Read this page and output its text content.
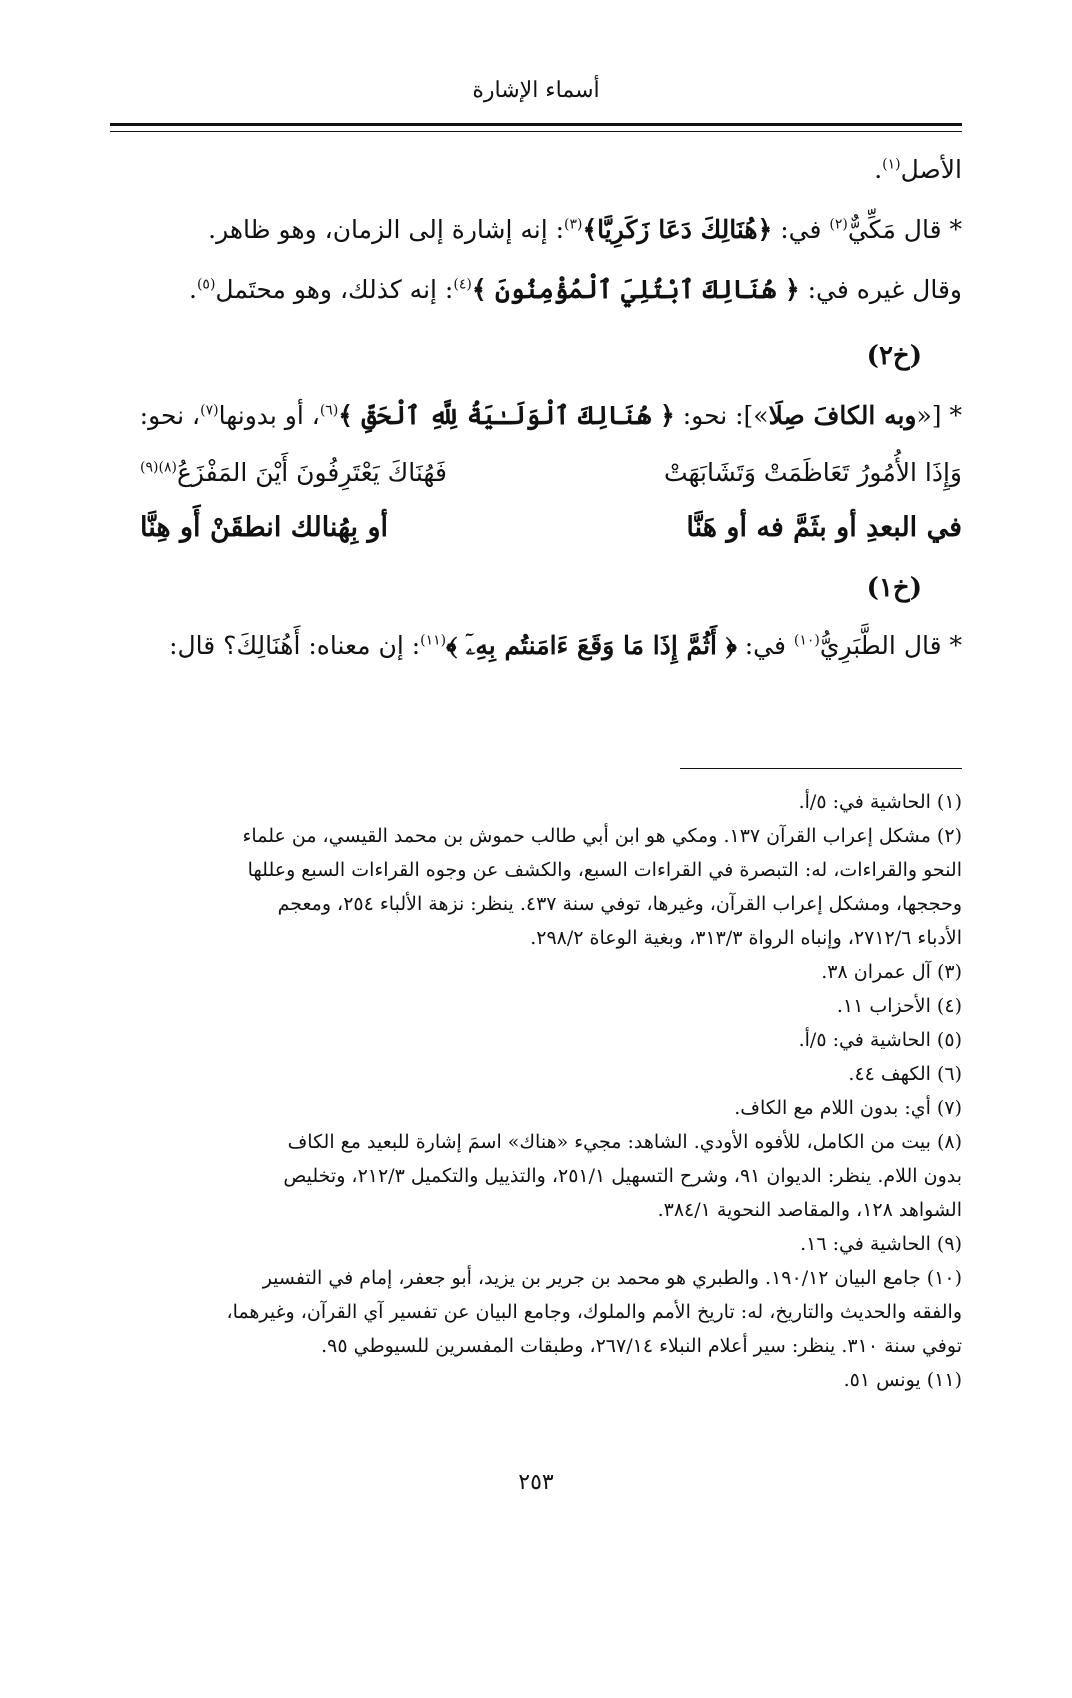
أسماء الإشارة
الأصل$^{(١)}$.
* قال مَكِّيٌّ$^{(٢)}$ في: ﴿هُنَالِكَ دَعَا زَكَرِيَّا﴾$^{(٣)}$: إنه إشارة إلى الزمان، وهو ظاهر.
وقال غيره في: ﴿ هُنَالِكَ ٱبْتُلِيَ ٱلْمُؤْمِنُونَ ﴾$^{(٤)}$: إنه كذلك، وهو محتَمل$^{(٥)}$.
(خ٢)
* [«وبه الكافَ صِلَا»]: نحو: ﴿ هُنَالِكَ ٱلْوَلَـٰيَةُ لِلَّهِ ٱلْحَقِّ ﴾$^{(٦)}$، أو بدونها$^{(٧)}$، نحو:
وَإِذَا الأُمُورُ تَعَاظَمَتْ وَتَشَابَهَتْ
فَهُنَاكَ يَعْتَرِفُونَ أَيْنَ المَفْزَعُ$^{(٨)(٩)}$
في البعدِ أو بثَمَّ فه أو هَنَّا
أو بِهُنالك انطقَنْ أَو هِنَّا
(خ١)
* قال الطَّبَرِيُّ$^{(١٠)}$ في: ﴿ أَثُمَّ إِذَا مَا وَقَعَ ءَامَنتُم بِهِۦٓ ﴾$^{(١١)}$: إن معناه: أَهُنَالِكَ؟ قال:
(١) الحاشية في: ٥/أ.
(٢) مشكل إعراب القرآن ١٣٧. ومكي هو ابن أبي طالب حموش بن محمد القيسي، من علماء
النحو والقراءات، له: التبصرة في القراءات السبع، والكشف عن وجوه القراءات السبع وعللها
وحججها، ومشكل إعراب القرآن، وغيرها، توفي سنة ٤٣٧. ينظر: نزهة الألباء ٢٥٤، ومعجم
الأدباء ٢٧١٢/٦، وإنباه الرواة ٣١٣/٣، وبغية الوعاة ٢٩٨/٢.
(٣) آل عمران ٣٨.
(٤) الأحزاب ١١.
(٥) الحاشية في: ٥/أ.
(٦) الكهف ٤٤.
(٧) أي: بدون اللام مع الكاف.
(٨) بيت من الكامل، للأفوه الأودي. الشاهد: مجيء «هناك» اسمَ إشارة للبعيد مع الكاف
بدون اللام. ينظر: الديوان ٩١، وشرح التسهيل ٢٥١/١، والتذييل والتكميل ٢١٢/٣، وتخليص
الشواهد ١٢٨، والمقاصد النحوية ٣٨٤/١.
(٩) الحاشية في: ١٦.
(١٠) جامع البيان ١٩٠/١٢. والطبري هو محمد بن جرير بن يزيد، أبو جعفر، إمام في التفسير
والفقه والحديث والتاريخ، له: تاريخ الأمم والملوك، وجامع البيان عن تفسير آي القرآن، وغيرهما،
توفي سنة ٣١٠. ينظر: سير أعلام النبلاء ٢٦٧/١٤، وطبقات المفسرين للسيوطي ٩٥.
(١١) يونس ٥١.
٢٥٣
